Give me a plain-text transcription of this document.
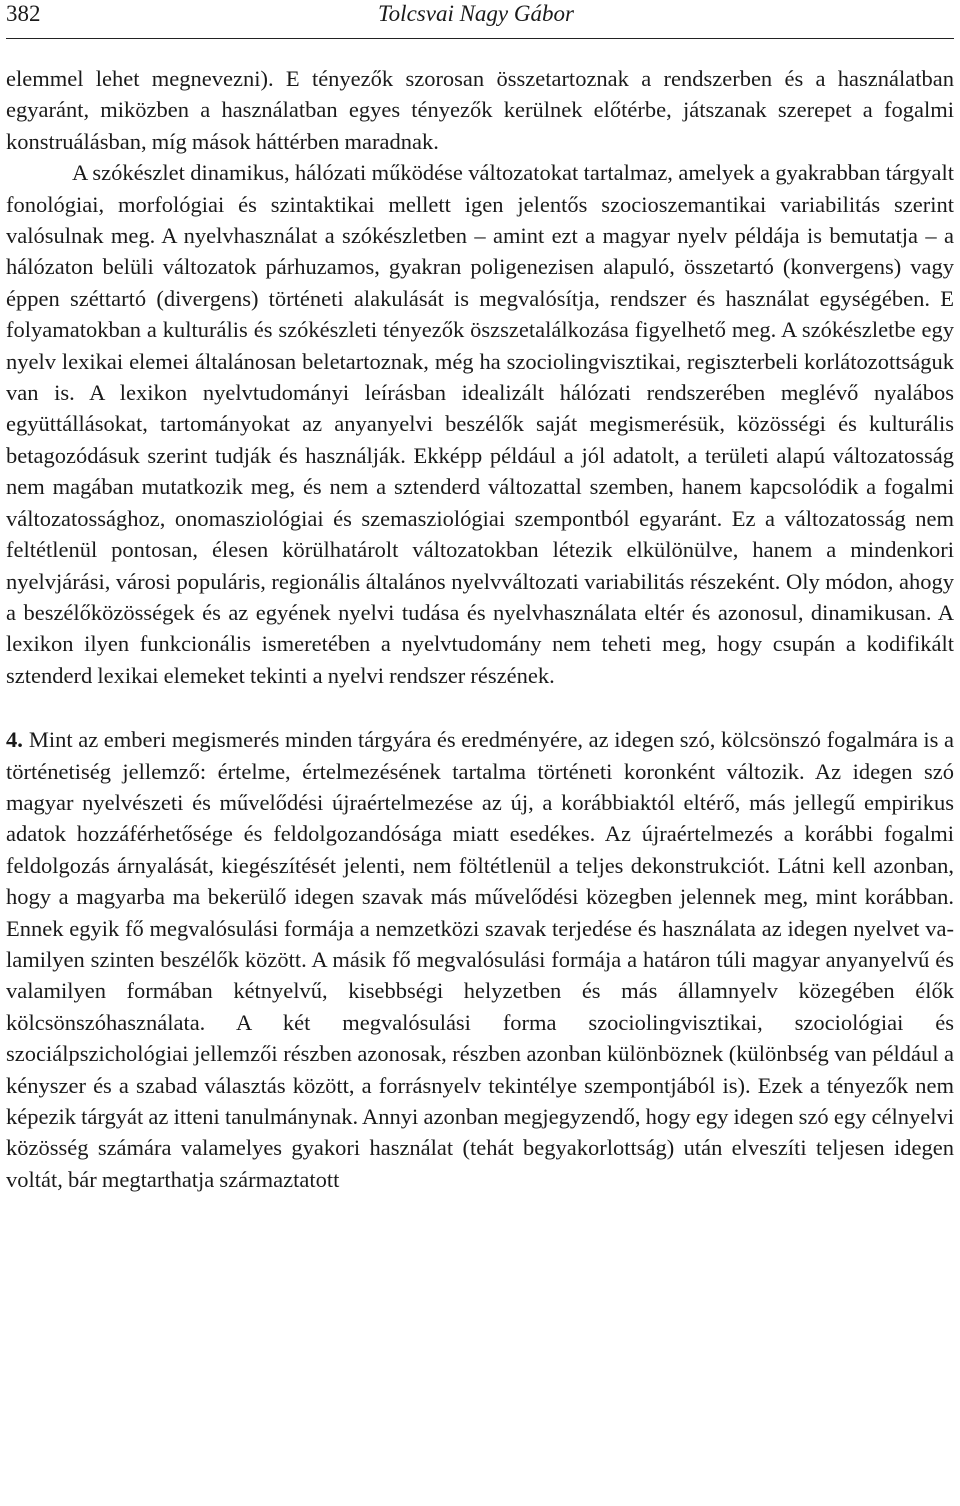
382	Tolcsvai Nagy Gábor

elemmel lehet megnevezni). E tényezők szorosan összetartoznak a rendszerben és a használatban egyaránt, miközben a használatban egyes tényezők kerülnek előtérbe, játszanak szerepet a fogalmi konstruálásban, míg mások háttérben maradnak.

A szókészlet dinamikus, hálózati működése változatokat tartalmaz, amelyek a gyakrabban tárgyalt fonológiai, morfológiai és szintaktikai mellett igen jelentős szocioszemantikai variabilitás szerint valósulnak meg. A nyelvhasználat a szókészletben – amint ezt a magyar nyelv példája is bemutatja – a hálózaton belüli változatok párhuzamos, gyakran poligenezisen alapuló, összetartó (konvergens) vagy éppen széttartó (divergens) történeti alakulását is megvalósítja, rendszer és használat egységében. E folyamatokban a kulturális és szókészleti tényezők öszszetalálkozása figyelhető meg. A szókészletbe egy nyelv lexikai elemei általánosan beletartoznak, még ha szociolingvisztikai, regiszterbeli korlátozottságuk van is. A lexikon nyelvtudományi leírásban idealizált hálózati rendszerében meglévő nyalábos együttállásokat, tartományokat az anyanyelvi beszélők saját megismerésük, közösségi és kulturális betagozódásuk szerint tudják és használják. Ekképp például a jól adatolt, a területi alapú változatosság nem magában mutatkozik meg, és nem a sztenderd változattal szemben, hanem kapcsolódik a fogalmi változatossághoz, onomasziológiai és szemasziológiai szempontból egyaránt. Ez a változatosság nem feltétlenül pontosan, élesen körülhatárolt változatokban létezik elkülönülve, hanem a mindenkori nyelvjárási, városi populáris, regionális általános nyelvváltozati variabilitás részeként. Oly módon, ahogy a beszélőközösségek és az egyének nyelvi tudása és nyelvhasználata eltér és azonosul, dinamikusan. A lexikon ilyen funkcionális ismeretében a nyelvtudomány nem teheti meg, hogy csupán a kodifikált sztenderd lexikai elemeket tekinti a nyelvi rendszer részének.

4. Mint az emberi megismerés minden tárgyára és eredményére, az idegen szó, kölcsönszó fogalmára is a történetiség jellemző: értelme, értelmezésének tartalma történeti koronként változik. Az idegen szó magyar nyelvészeti és művelődési újraértelmezése az új, a korábbiaktól eltérő, más jellegű empirikus adatok hozzáférhetősége és feldolgozandósága miatt esedékes. Az újraértelmezés a korábbi fogalmi feldolgozás árnyalását, kiegészítését jelenti, nem föltétlenül a teljes dekonstrukciót. Látni kell azonban, hogy a magyarba ma bekerülő idegen szavak más művelődési közegben jelennek meg, mint korábban. Ennek egyik fő megvalósulási formája a nemzetközi szavak terjedése és használata az idegen nyelvet valamilyen szinten beszélők között. A másik fő megvalósulási formája a határon túli magyar anyanyelvű és valamilyen formában kétnyelvű, kisebbségi helyzetben és más államnyelv közegében élők kölcsönszóhasználata. A két megvalósulási forma szociolingvisztikai, szociológiai és szociálpszichológiai jellemzői részben azonosak, részben azonban különböznek (különbség van például a kényszer és a szabad választás között, a forrásnyelv tekintélye szempontjából is). Ezek a tényezők nem képezik tárgyát az itteni tanulmánynak. Annyi azonban megjegyzendő, hogy egy idegen szó egy célnyelvi közösség számára valamelyes gyakori használat (tehát begyakorlottság) után elveszíti teljesen idegen voltát, bár megtarthatja származtatott
